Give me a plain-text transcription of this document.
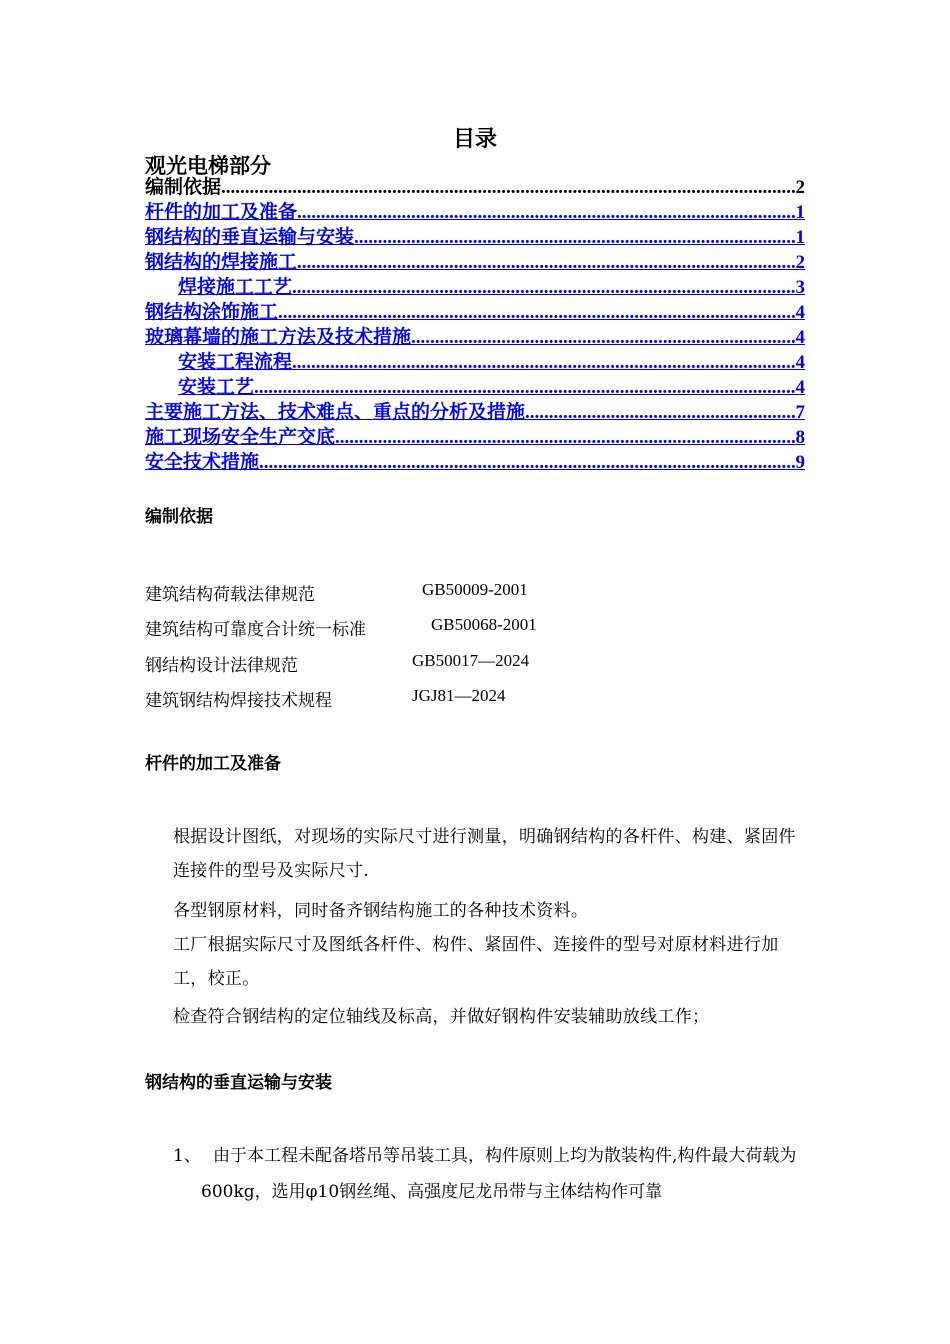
目录
观光电梯部分
编制依据 .....	2
杆件的加工及准备 .....	1
钢结构的垂直运输与安装 .....	1
钢结构的焊接施工 .....	2
焊接施工工艺 .....	3
钢结构涂饰施工 .....	4
玻璃幕墙的施工方法及技术措施 .....	4
安装工程流程 .....	4
安装工艺 .....	4
主要施工方法、技术难点、重点的分析及措施 .....	7
施工现场安全生产交底 .....	8
安全技术措施 .....	9
编制依据
建筑结构荷载法律规范	GB50009-2001
建筑结构可靠度合计统一标准	GB50068-2001
钢结构设计法律规范	GB50017—2024
建筑钢结构焊接技术规程	JGJ81—2024
杆件的加工及准备
根据设计图纸，对现场的实际尺寸进行测量，明确钢结构的各杆件、构建、紧固件连接件的型号及实际尺寸.
各型钢原材料，同时备齐钢结构施工的各种技术资料。
工厂根据实际尺寸及图纸各杆件、构件、紧固件、连接件的型号对原材料进行加工，校正。
检查符合钢结构的定位轴线及标高，并做好钢构件安装辅助放线工作；
钢结构的垂直运输与安装
1、 由于本工程未配备塔吊等吊装工具，构件原则上均为散装构件,构件最大荷载为600kg，选用φ10钢丝绳、高强度尼龙吊带与主体结构作可靠
